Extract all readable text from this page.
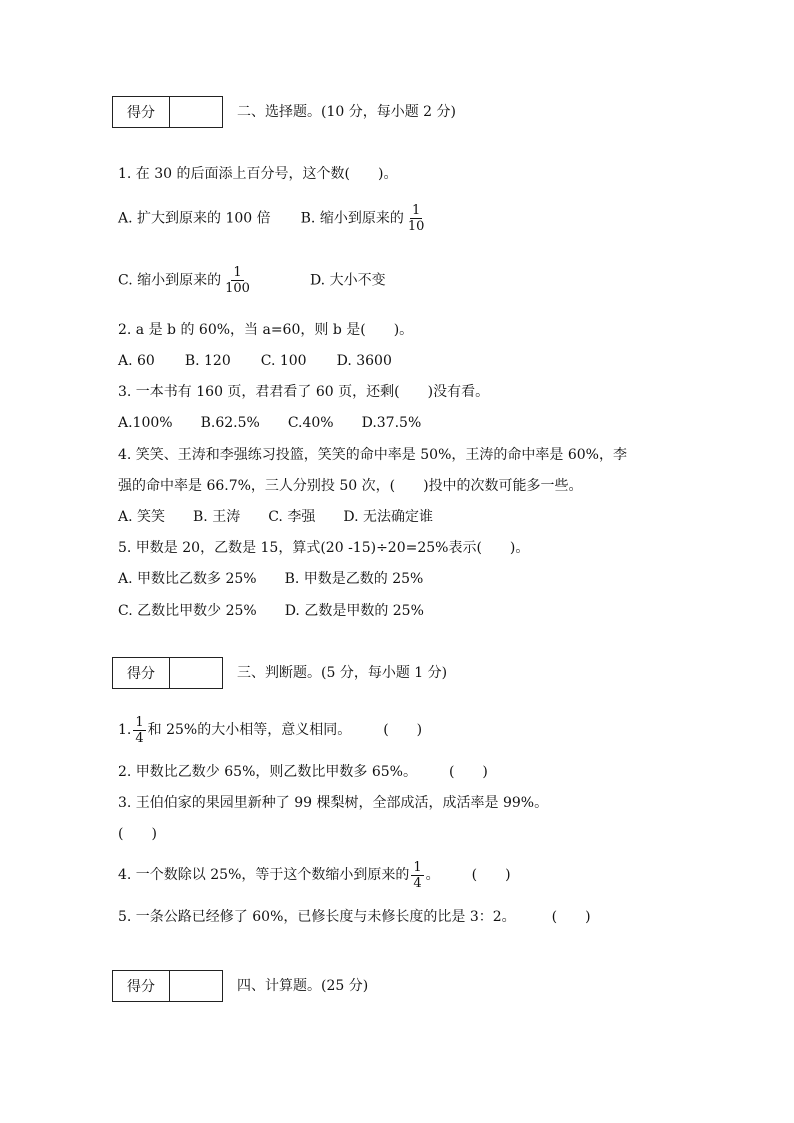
得分	二、选择题。(10 分，每小题 2 分)
1. 在 30 的后面添上百分号，这个数(　　)。
A. 扩大到原来的 100 倍 B. 缩小到原来的 $\frac{1}{10}$
C. 缩小到原来的 $\frac{1}{100}$	D. 大小不变
2. a 是 b 的 60%，当 a=60，则 b 是(　　)。
A. 60 B. 120 C. 100 D. 3600
3. 一本书有 160 页，君君看了 60 页，还剩(　　)没有看。
A.100% B.62.5% C.40% D.37.5%
4. 笑笑、王涛和李强练习投篮，笑笑的命中率是 50%，王涛的命中率是 60%，李
强的命中率是 66.7%，三人分别投 50 次，(　　)投中的次数可能多一些。
A. 笑笑 B. 王涛 C. 李强 D. 无法确定谁
5. 甲数是 20，乙数是 15，算式(20 -15)÷20=25%表示(　　)。
A. 甲数比乙数多 25% B. 甲数是乙数的 25%
C. 乙数比甲数少 25% D. 乙数是甲数的 25%
得分	三、判断题。(5 分，每小题 1 分)
1. $\frac{1}{4}$ 和 25%的大小相等，意义相同。 (　　)
2. 甲数比乙数少 65%，则乙数比甲数多 65%。 (　　)
3. 王伯伯家的果园里新种了 99 棵梨树，全部成活，成活率是 99%。
(　　)
4. 一个数除以 25%，等于这个数缩小到原来的 $\frac{1}{4}$ 。 (　　)
5. 一条公路已经修了 60%，已修长度与未修长度的比是 3：2。	(　　)
得分	四、计算题。(25 分)
